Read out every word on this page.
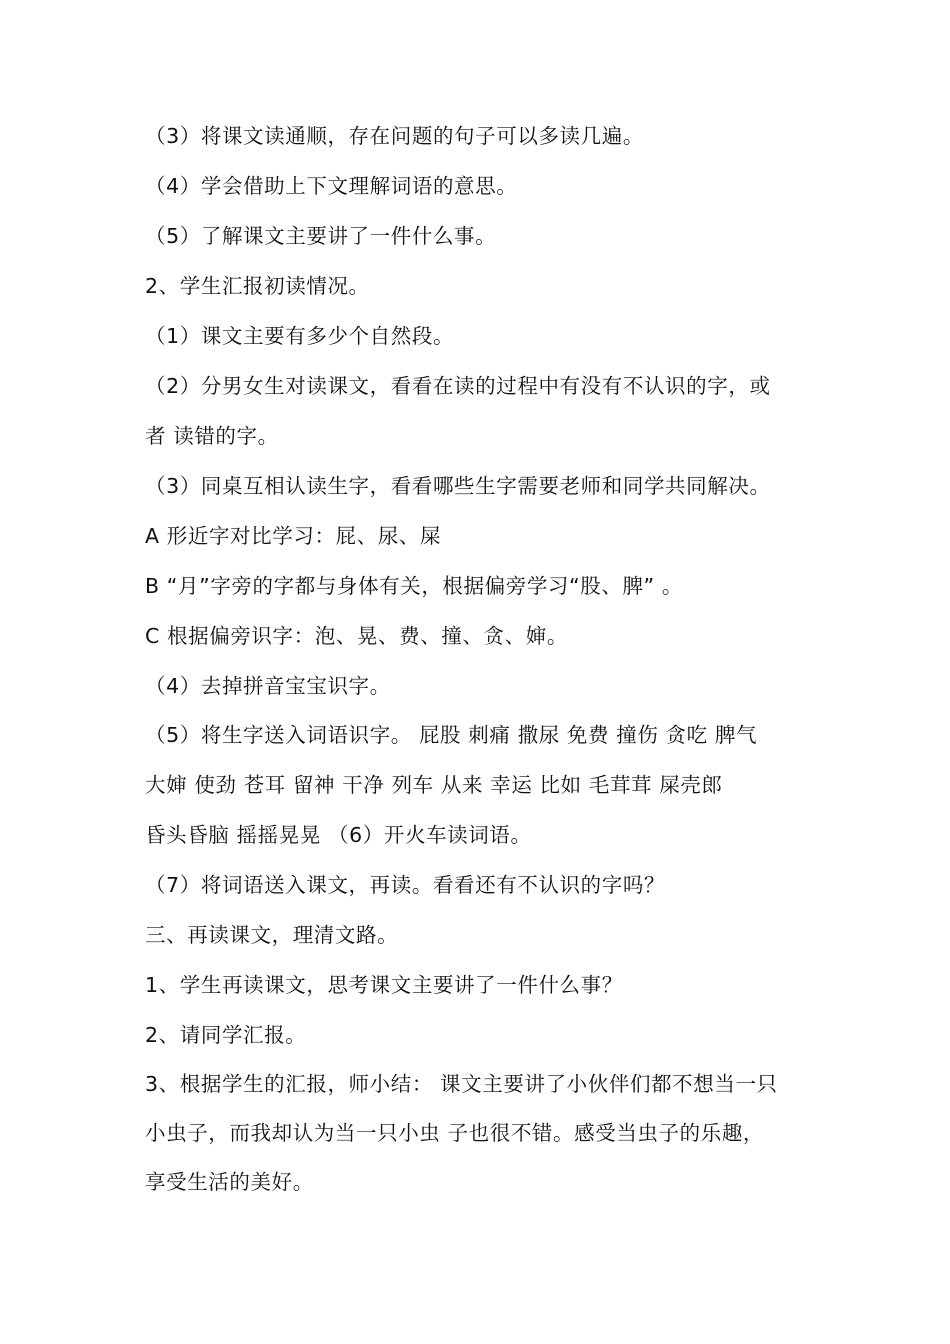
（3）将课文读通顺，存在问题的句子可以多读几遍。
（4）学会借助上下文理解词语的意思。
（5）了解课文主要讲了一件什么事。
2、学生汇报初读情况。
（1）课文主要有多少个自然段。
（2）分男女生对读课文，看看在读的过程中有没有不认识的字，或
者 读错的字。
（3）同桌互相认读生字，看看哪些生字需要老师和同学共同解决。
A 形近字对比学习：屁、尿、屎
B “月”字旁的字都与身体有关，根据偏旁学习“股、脾” 。
C 根据偏旁识字：泡、晃、费、撞、贪、婶。
（4）去掉拼音宝宝识字。
（5）将生字送入词语识字。 屁股 刺痛 撒尿 免费 撞伤 贪吃 脾气
大婶 使劲 苍耳 留神 干净 列车 从来 幸运 比如 毛茸茸 屎壳郎
昏头昏脑 摇摇晃晃 （6）开火车读词语。
（7）将词语送入课文，再读。看看还有不认识的字吗？
三、再读课文，理清文路。
1、学生再读课文，思考课文主要讲了一件什么事？
2、请同学汇报。
3、根据学生的汇报，师小结： 课文主要讲了小伙伴们都不想当一只
小虫子，而我却认为当一只小虫 子也很不错。感受当虫子的乐趣，
享受生活的美好。
